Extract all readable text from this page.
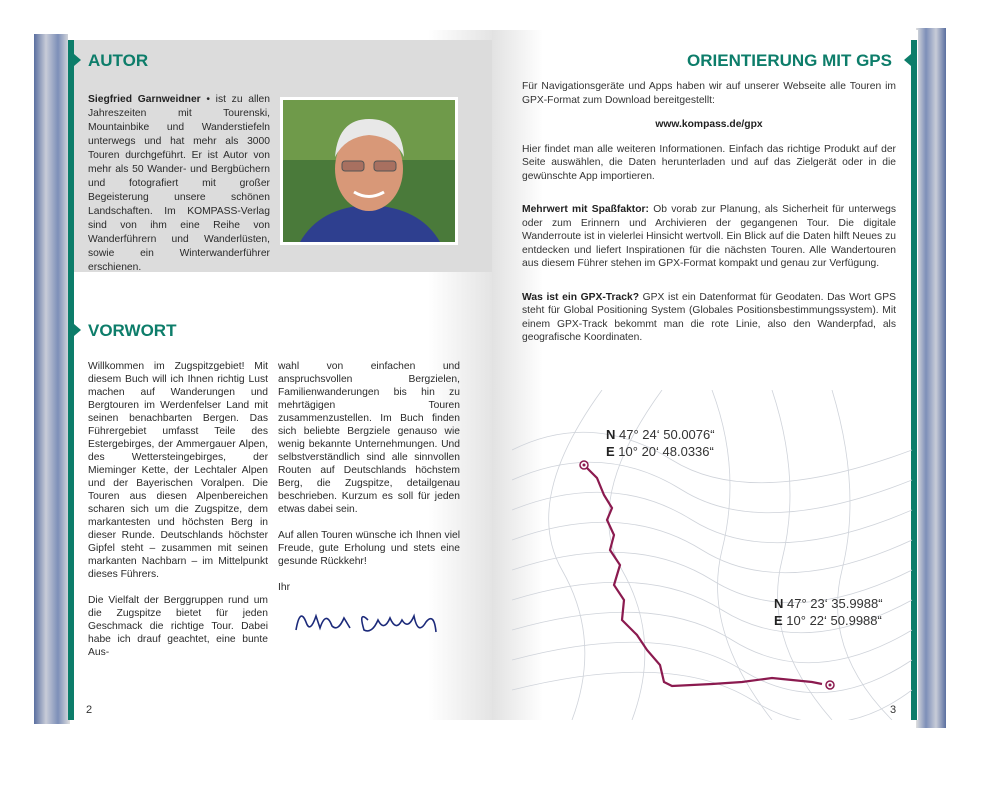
AUTOR
Siegfried Garnweidner • ist zu allen Jahreszeiten mit Tourenski, Mountainbike und Wanderstiefeln unterwegs und hat mehr als 3000 Touren durchgeführt. Er ist Autor von mehr als 50 Wander- und Bergbüchern und fotografiert mit großer Begeisterung unsere schönen Landschaften. Im KOMPASS-Verlag sind von ihm eine Reihe von Wanderführern und Wanderlüsten, sowie ein Winterwanderführer erschienen.
VORWORT
Willkommen im Zugspitzgebiet! Mit diesem Buch will ich Ihnen richtig Lust machen auf Wanderungen und Bergtouren im Werdenfelser Land mit seinen benachbarten Bergen. Das Führergebiet umfasst Teile des Estergebirges, der Ammergauer Alpen, des Wettersteingebirges, der Mieminger Kette, der Lechtaler Alpen und der Bayerischen Voralpen. Die Touren aus diesen Alpenbereichen scharen sich um die Zugspitze, dem markantesten und höchsten Berg in dieser Runde. Deutschlands höchster Gipfel steht – zusammen mit seinen markanten Nachbarn – im Mittelpunkt dieses Führers.

Die Vielfalt der Berggruppen rund um die Zugspitze bietet für jeden Geschmack die richtige Tour. Dabei habe ich drauf geachtet, eine bunte Aus-
wahl von einfachen und anspruchsvollen Bergzielen, Familienwanderungen bis hin zu mehrtägigen Touren zusammenzustellen. Im Buch finden sich beliebte Bergziele genauso wie wenig bekannte Unternehmungen. Und selbstverständlich sind alle sinnvollen Routen auf Deutschlands höchstem Berg, die Zugspitze, detailgenau beschrieben. Kurzum es soll für jeden etwas dabei sein.

Auf allen Touren wünsche ich Ihnen viel Freude, gute Erholung und stets eine gesunde Rückkehr!

Ihr
2
ORIENTIERUNG MIT GPS

Für Navigationsgeräte und Apps haben wir auf unserer Webseite alle Touren im GPX-Format zum Download bereitgestellt:

www.kompass.de/gpx

Hier findet man alle weiteren Informationen. Einfach das richtige Produkt auf der Seite auswählen, die Daten herunterladen und auf das Zielgerät oder in die gewünschte App importieren.

Mehrwert mit Spaßfaktor: Ob vorab zur Planung, als Sicherheit für unterwegs oder zum Erinnern und Archivieren der gegangenen Tour. Die digitale Wanderroute ist in vielerlei Hinsicht wertvoll. Ein Blick auf die Daten hilft Neues zu entdecken und liefert Inspirationen für die nächsten Touren. Alle Wandertouren aus diesem Führer stehen im GPX-Format kompakt und genau zur Verfügung.

Was ist ein GPX-Track? GPX ist ein Datenformat für Geodaten. Das Wort GPS steht für Global Positioning System (Globales Positionsbestimmungssystem). Mit einem GPX-Track bekommt man die rote Linie, also den Wanderpfad, als geografische Koordinaten.

N 47° 24‘ 50.0076“
E 10° 20‘ 48.0336“
N 47° 23‘ 35.9988“
E 10° 22‘ 50.9988“
3
